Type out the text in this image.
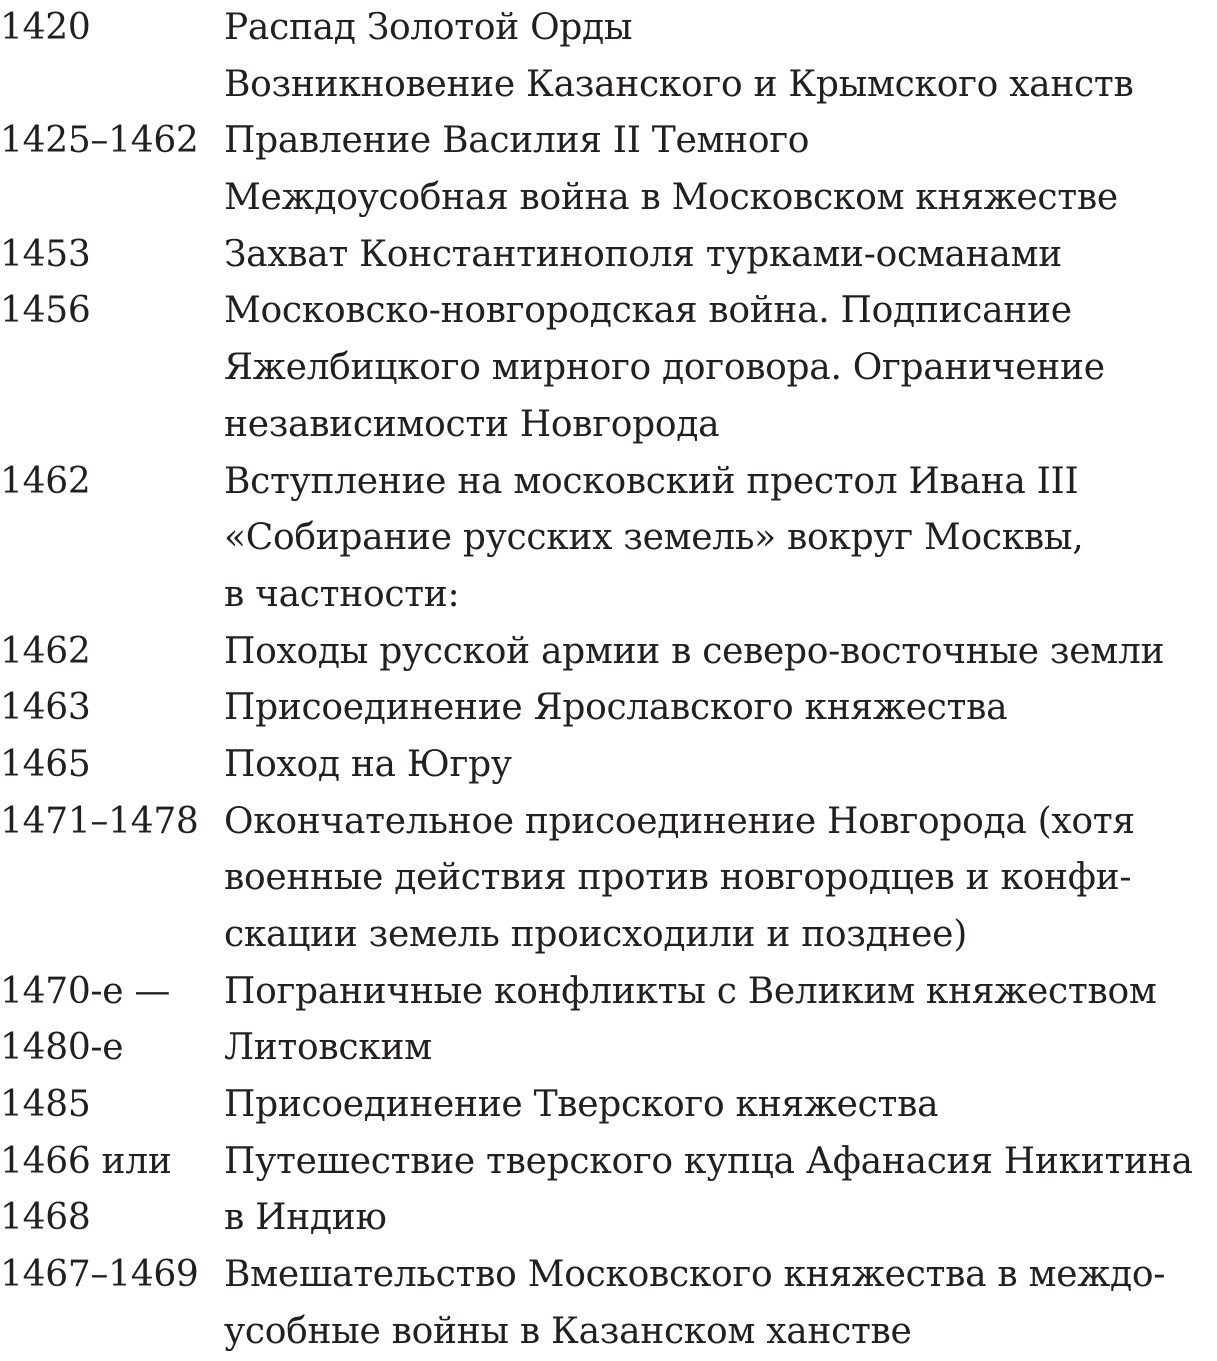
1420	Распад Золотой Орды
Возникновение Казанского и Крымского ханств
1425–1462 Правление Василия II Темного
Междоусобная война в Московском княжестве
1453	Захват Константинополя турками-османами
1456	Московско-новгородская война. Подписание
Яжелбицкого мирного договора. Ограничение
независимости Новгорода
1462	Вступление на московский престол Ивана III
«Собирание русских земель» вокруг Москвы,
в частности:
1462	Походы русской армии в северо-восточные земли
1463	Присоединение Ярославского княжества
1465	Поход на Югру
1471–1478 Окончательное присоединение Новгорода (хотя
военные действия против новгородцев и конфи-
скации земель происходили и позднее)
1470-е —	Пограничные конфликты с Великим княжеством
1480-е	Литовским
1485	Присоединение Тверского княжества
1466 или	Путешествие тверского купца Афанасия Никитина
1468	в Индию
1467–1469 Вмешательство Московского княжества в междо-
усобные войны в Казанском ханстве
